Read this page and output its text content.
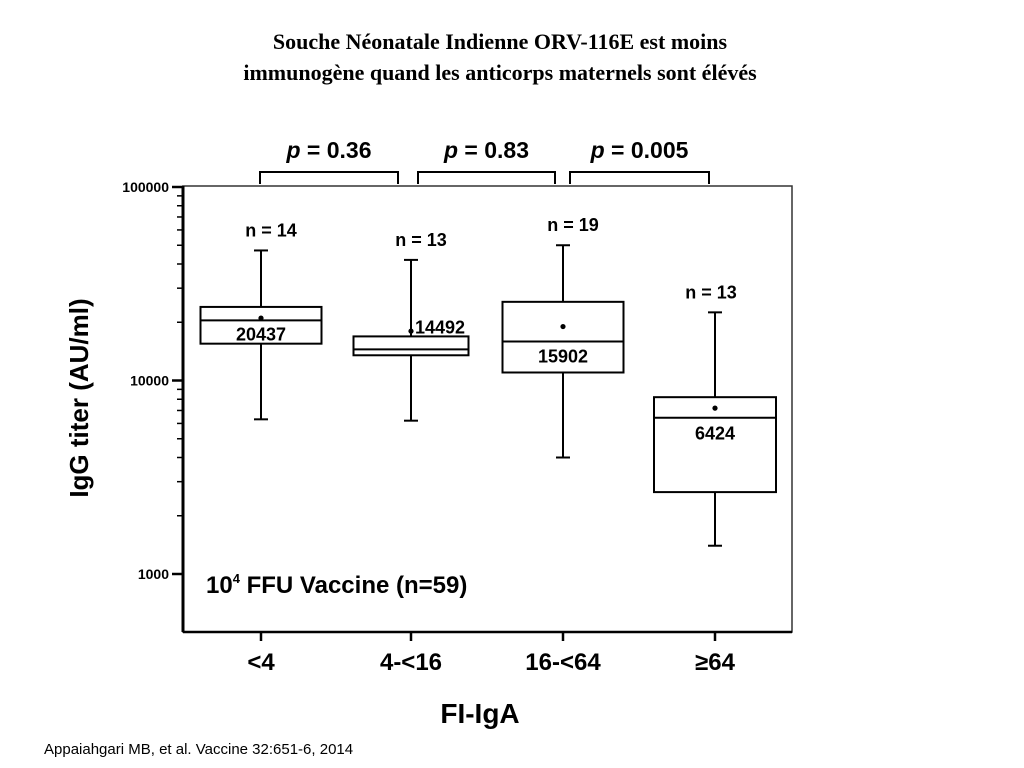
Souche Néonatale Indienne ORV-116E est moins
immunogène quand les anticorps maternels sont élévés
1000
10000
100000
<4	4-<16	16-<64	≥64
FI-IgA
IgG titer (AU/ml)
n = 14
20437
n = 13
14492
n = 19
15902
n = 13
6424
p = 0.36	p = 0.83	p = 0.005
$10^4$ FFU Vaccine (n=59)
Appaiahgari MB, et al. Vaccine 32:651-6, 2014
